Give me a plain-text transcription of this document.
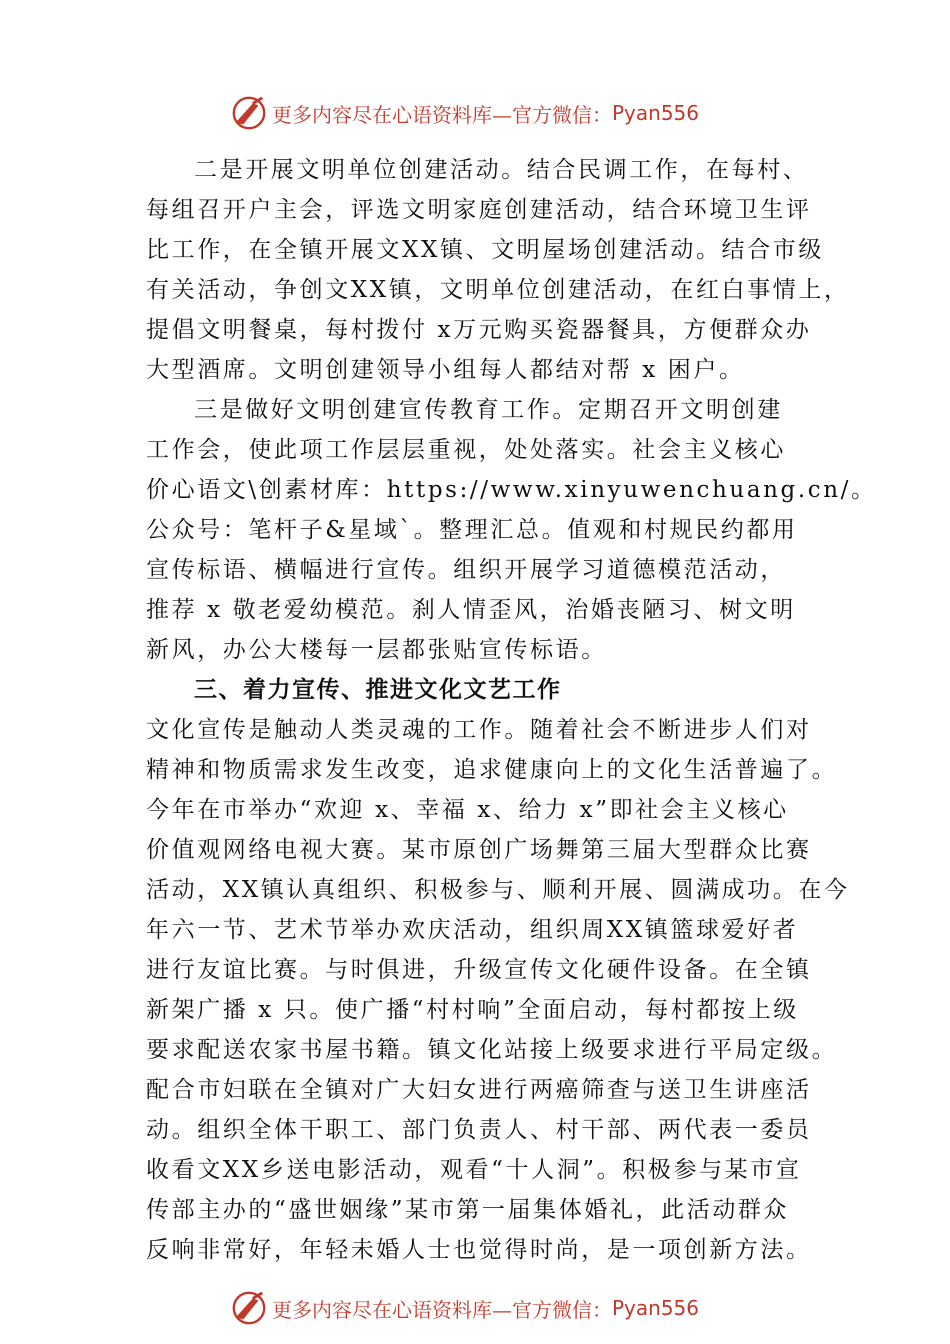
更多内容尽在心语资料库—官方微信： Pyan556
二是开展文明单位创建活动。结合民调工作，在每村、
每组召开户主会，评选文明家庭创建活动，结合环境卫生评
比工作，在全镇开展文XX镇、文明屋场创建活动。结合市级
有关活动，争创文XX镇，文明单位创建活动，在红白事情上，
提倡文明餐桌，每村拨付 x万元购买瓷器餐具，方便群众办
大型酒席。文明创建领导小组每人都结对帮 x 困户。
三是做好文明创建宣传教育工作。定期召开文明创建
工作会，使此项工作层层重视，处处落实。社会主义核心
价心语文\创素材库：https://www.xinyuwenchuang.cn/。
公众号：笔杆子&星域`。整理汇总。值观和村规民约都用
宣传标语、横幅进行宣传。组织开展学习道德模范活动，
推荐 x 敬老爱幼模范。刹人情歪风，治婚丧陋习、树文明
新风，办公大楼每一层都张贴宣传标语。
三、着力宣传、推进文化文艺工作
文化宣传是触动人类灵魂的工作。随着社会不断进步人们对
精神和物质需求发生改变，追求健康向上的文化生活普遍了。
今年在市举办“欢迎 x、幸福 x、给力 x”即社会主义核心
价值观网络电视大赛。某市原创广场舞第三届大型群众比赛
活动，XX镇认真组织、积极参与、顺利开展、圆满成功。在今
年六一节、艺术节举办欢庆活动，组织周XX镇篮球爱好者
进行友谊比赛。与时俱进，升级宣传文化硬件设备。在全镇
新架广播 x 只。使广播“村村响”全面启动，每村都按上级
要求配送农家书屋书籍。镇文化站接上级要求进行平局定级。
配合市妇联在全镇对广大妇女进行两癌筛查与送卫生讲座活
动。组织全体干职工、部门负责人、村干部、两代表一委员
收看文XX乡送电影活动，观看“十人洞”。积极参与某市宣
传部主办的“盛世姻缘”某市第一届集体婚礼，此活动群众
反响非常好，年轻未婚人士也觉得时尚，是一项创新方法。
更多内容尽在心语资料库—官方微信： Pyan556
